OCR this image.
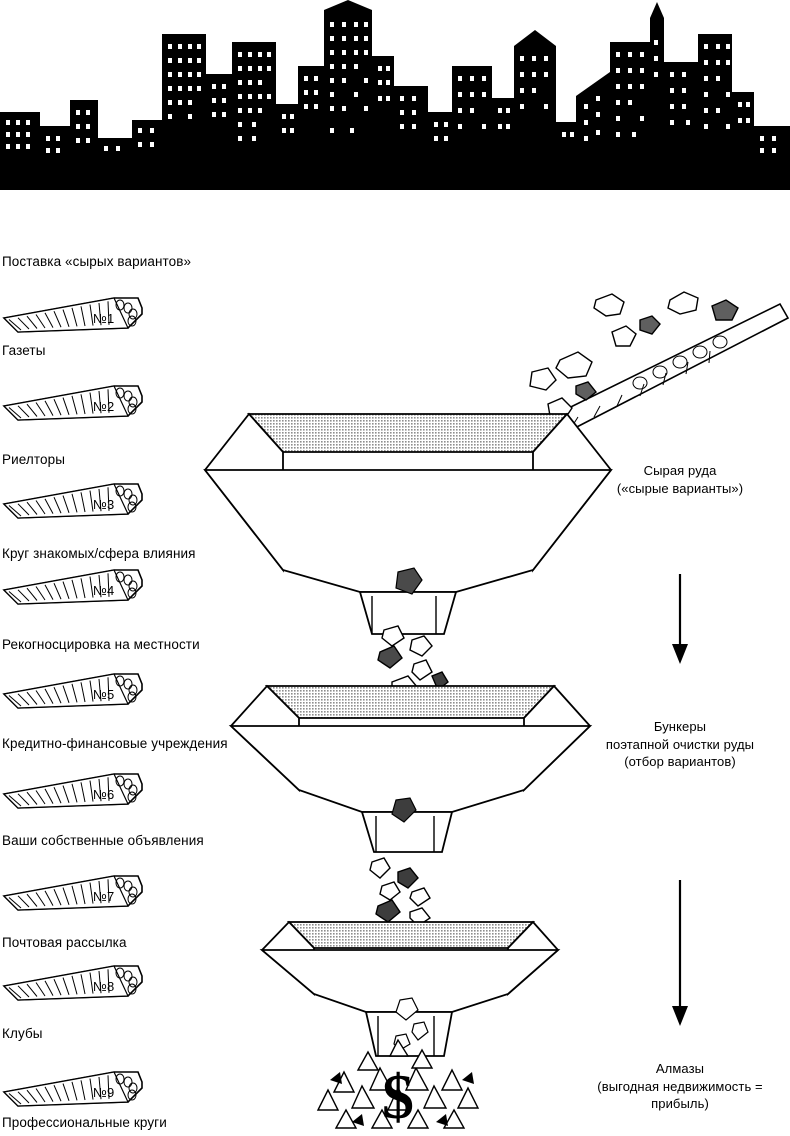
$
Поставка «сырых вариантов»
Газеты
Риелторы
Круг знакомых/сфера влияния
Рекогносцировка на местности
Кредитно-финансовые учреждения
Ваши собственные объявления
Почтовая рассылка
Клубы
Профессиональные круги
№1
№2
№3
№4
№5
№6
№7
№8
№9
Сырая руда
(«сырые варианты»)
Бункеры
поэтапной очистки руды
(отбор вариантов)
Алмазы
(выгодная недвижимость =
прибыль)
